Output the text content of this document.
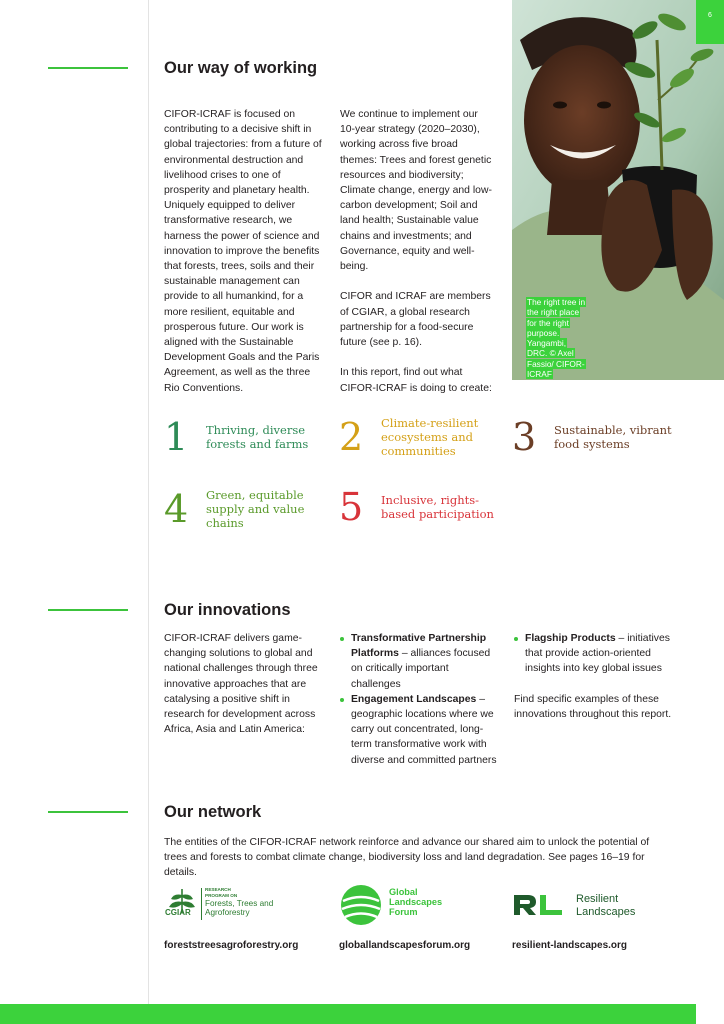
6
The right tree in the right place for the right purpose. Yangambi, DRC. © Axel Fassio/ CIFOR-ICRAF
Our way of working

CIFOR-ICRAF is focused on contributing to a decisive shift in global trajectories: from a future of environmental destruction and livelihood crises to one of prosperity and planetary health. Uniquely equipped to deliver transformative research, we harness the power of science and innovation to improve the benefits that forests, trees, soils and their sustainable management can provide to all humankind, for a more resilient, equitable and prosperous future. Our work is aligned with the Sustainable Development Goals and the Paris Agreement, as well as the three Rio Conventions.

We continue to implement our 10-year strategy (2020–2030), working across five broad themes: Trees and forest genetic resources and biodiversity; Climate change, energy and low-carbon development; Soil and land health; Sustainable value chains and investments; and Governance, equity and well-being.

CIFOR and ICRAF are members of CGIAR, a global research partnership for a food-secure future (see p. 16).

In this report, find out what CIFOR-ICRAF is doing to create:

1	Thriving, diverse forests and farms 2	Climate-resilient ecosystems and communities	3	Sustainable, vibrant food systems
4	Green, equitable supply and value chains	5	Inclusive, rights-based participation
Our innovations
CIFOR-ICRAF delivers game-changing solutions to global and national challenges through three innovative approaches that are catalysing a positive shift in research for development across Africa, Asia and Latin America:
Transformative Partnership Platforms – alliances focused on critically important challenges
Engagement Landscapes – geographic locations where we carry out concentrated, long-term transformative work with diverse and committed partners
Flagship Products – initiatives that provide action-oriented insights into key global issues

Find specific examples of these innovations throughout this report.

Our network
The entities of the CIFOR-ICRAF network reinforce and advance our shared aim to unlock the potential of trees and forests to combat climate change, biodiversity loss and land degradation. See pages 16–19 for details.
CGIAR
RESEARCH
PROGRAM ON
Forests, Trees and
Agroforestry
foreststreesagroforestry.org
Global
Landscapes
Forum
globallandscapesforum.org
Resilient
Landscapes
resilient-landscapes.org
